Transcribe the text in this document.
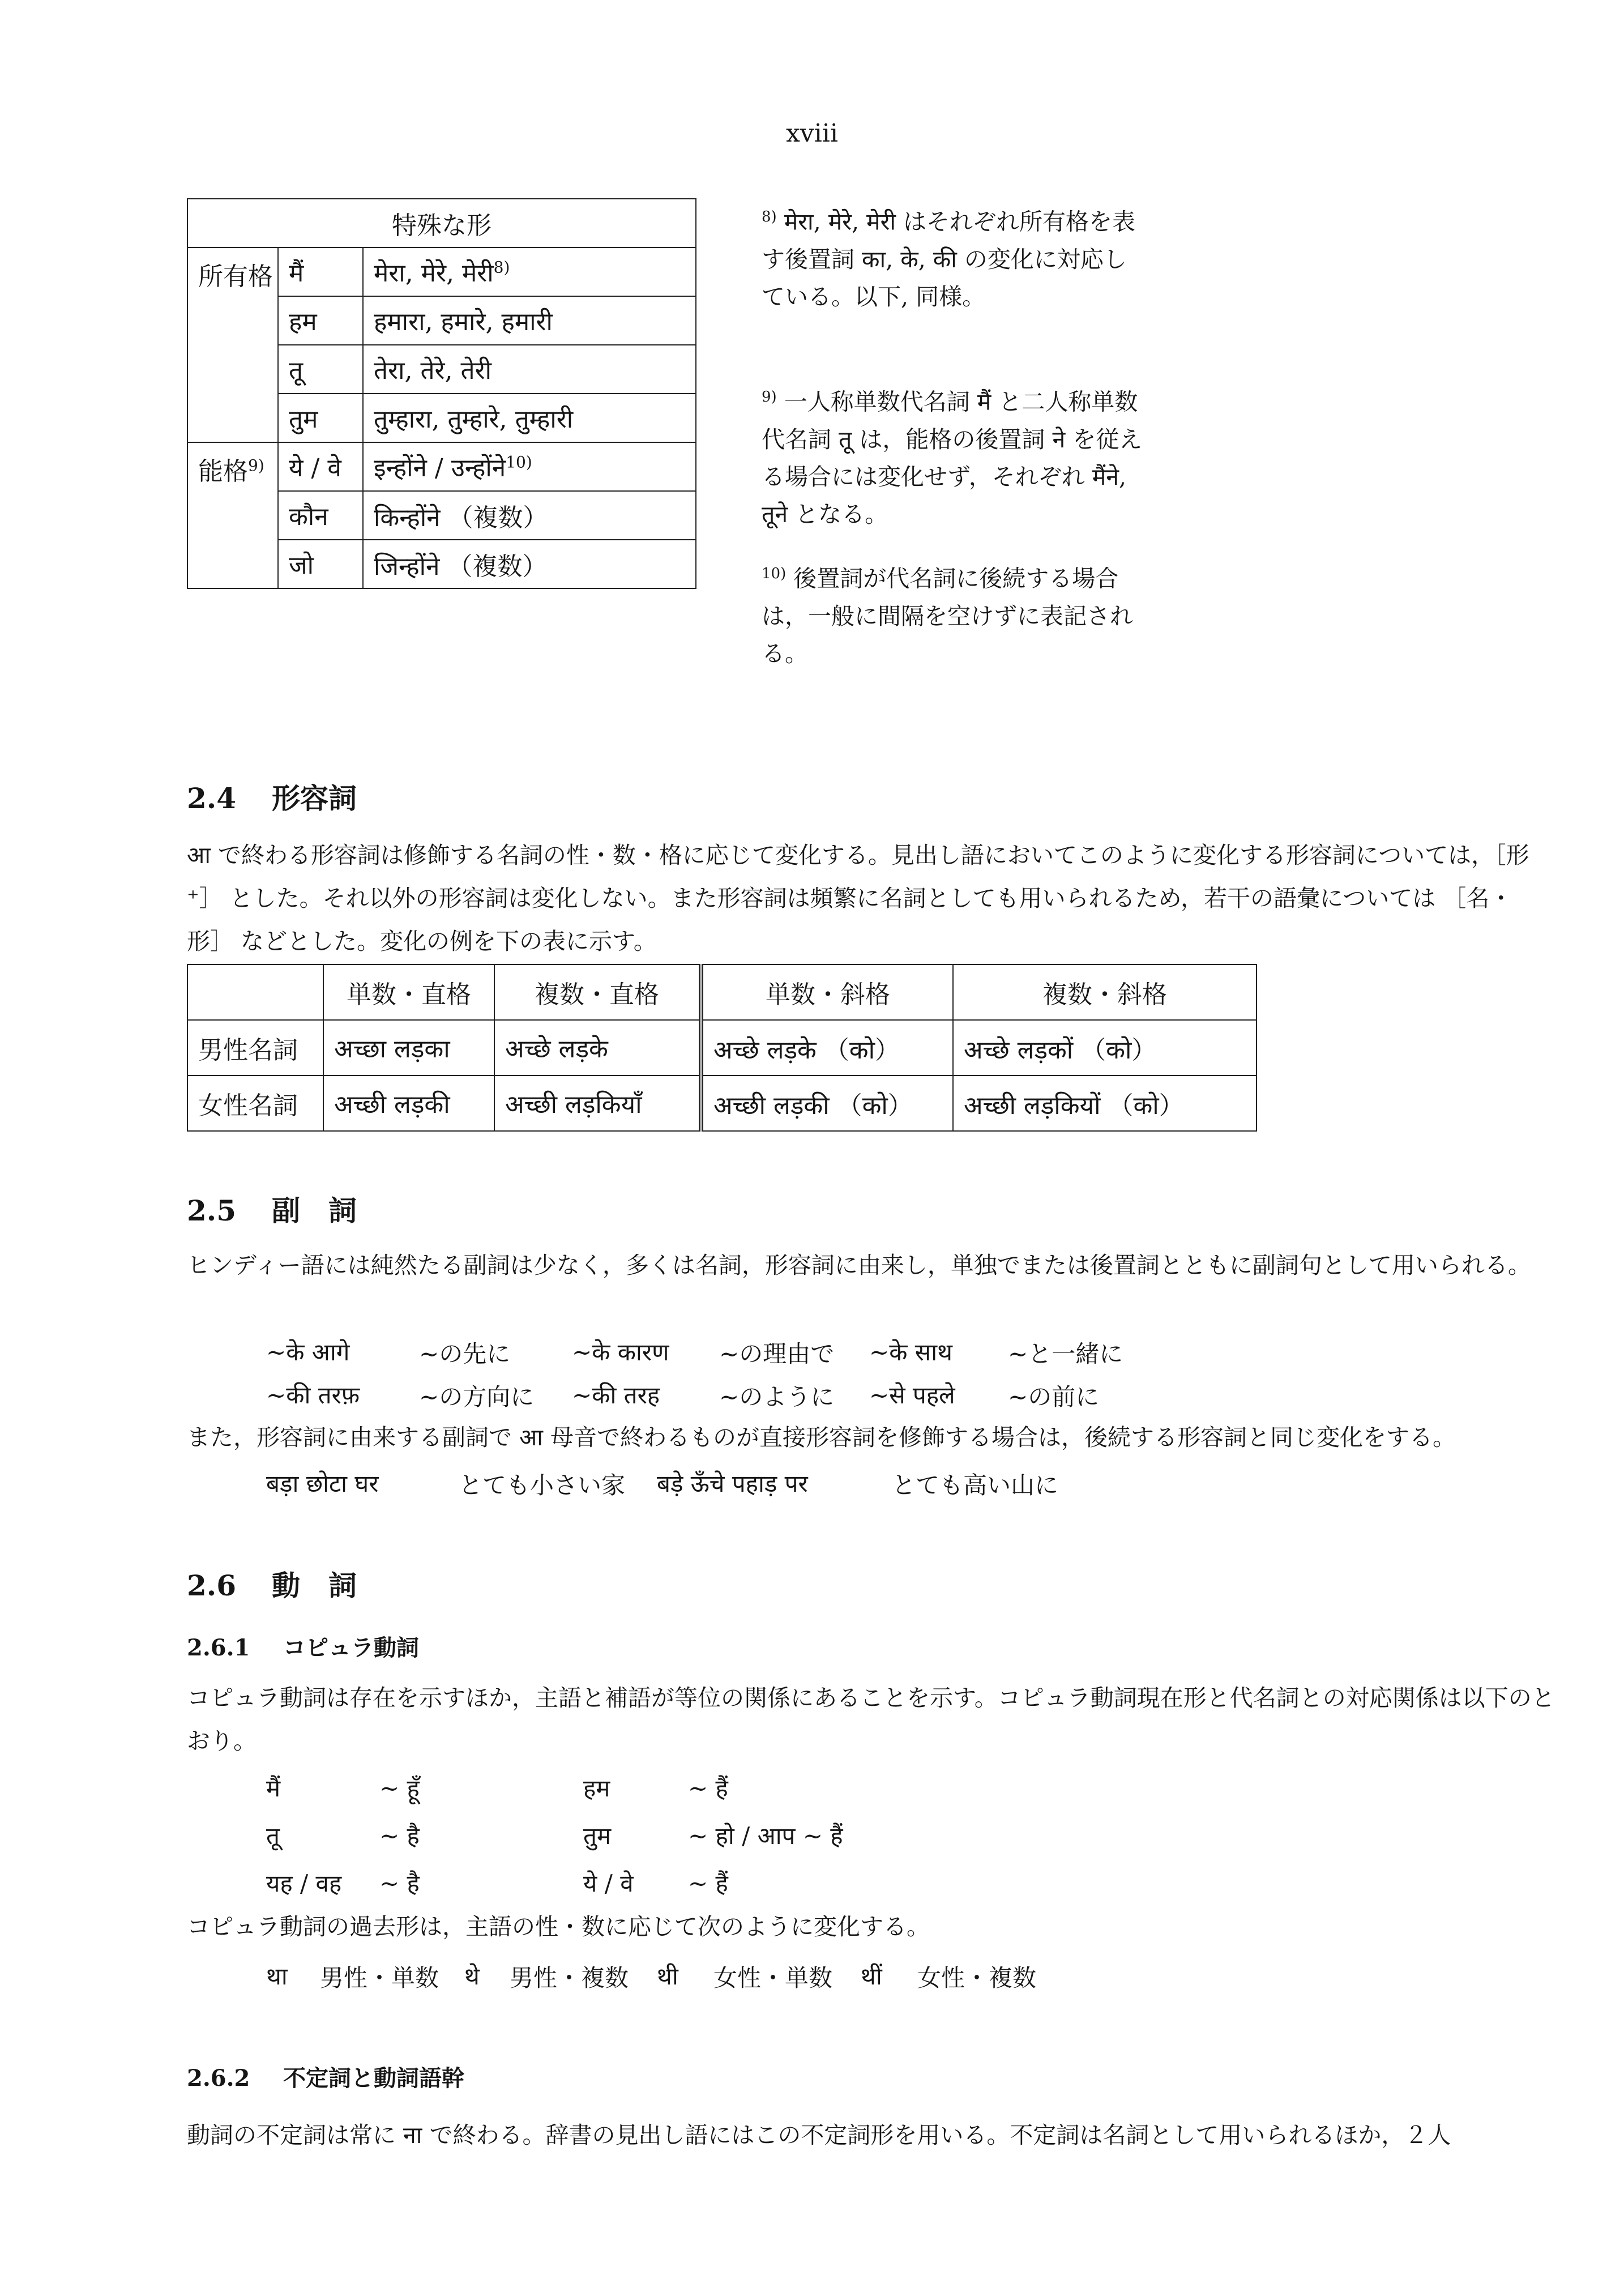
xviii
特殊な形		
所有格	मैं	मेरा, मेरे, मेरी$^{8)}$
	हम	हमारा, हमारे, हमारी
	तू	तेरा, तेरे, तेरी
	तुम	तुम्हारा, तुम्हारे, तुम्हारी
能格$^{9)}$	ये / वे	इन्होंने / उन्होंने$^{10)}$
	कौन	किन्होंने （複数）
	जो	जिन्होंने （複数）
$^{8)}$ मेरा, मेरे, मेरी はそれぞれ所有格を表す後置詞 का, के, की の変化に対応している。以下, 同様。
$^{9)}$ 一人称単数代名詞 मैं と二人称単数代名詞 तू は，能格の後置詞 ने を従える場合には変化せず，それぞれ मैंने, तूने となる。
$^{10)}$ 後置詞が代名詞に後続する場合は，一般に間隔を空けずに表記される。
2.4 形容詞
आ で終わる形容詞は修飾する名詞の性・数・格に応じて変化する。見出し語においてこのように変化する形容詞については，［形⁺］ とした。それ以外の形容詞は変化しない。また形容詞は頻繁に名詞としても用いられるため，若干の語彙については ［名・形］ などとした。変化の例を下の表に示す。
	単数・直格	複数・直格	単数・斜格	複数・斜格
男性名詞	अच्छा लड़का	अच्छे लड़के	अच्छे लड़के （को）	अच्छे लड़कों （को）
女性名詞	अच्छी लड़की	अच्छी लड़कियाँ	अच्छी लड़की （को）	अच्छी लड़कियों （को）
2.5 副　詞
ヒンディー語には純然たる副詞は少なく，多くは名詞，形容詞に由来し，単独でまたは後置詞とともに副詞句として用いられる。
~के आगे	~の先に	~के कारण ~の理由で ~के साथ ~と一緒に
~की तरफ़ ~の方向に ~की तरह ~のように ~से पहले ~の前に
また，形容詞に由来する副詞で आ 母音で終わるものが直接形容詞を修飾する場合は，後続する形容詞と同じ変化をする。
बड़ा छोटा घर	とても小さい家 बड़े ऊँचे पहाड़ पर	とても高い山に
2.6 動　詞
2.6.1 コピュラ動詞
コピュラ動詞は存在を示すほか，主語と補語が等位の関係にあることを示す。コピュラ動詞現在形と代名詞との対応関係は以下のとおり。
मैं	~ हूँ	हम	~ हैं
तू	~ है	तुम	~ हो / आप ~ हैं
यह / वह ~ है	ये / वे ~ हैं
コピュラ動詞の過去形は，主語の性・数に応じて次のように変化する。
था 男性・単数 थे 男性・複数 थी 女性・単数 थीं 女性・複数
2.6.2 不定詞と動詞語幹
動詞の不定詞は常に ना で終わる。辞書の見出し語にはこの不定詞形を用いる。不定詞は名詞として用いられるほか，２人
